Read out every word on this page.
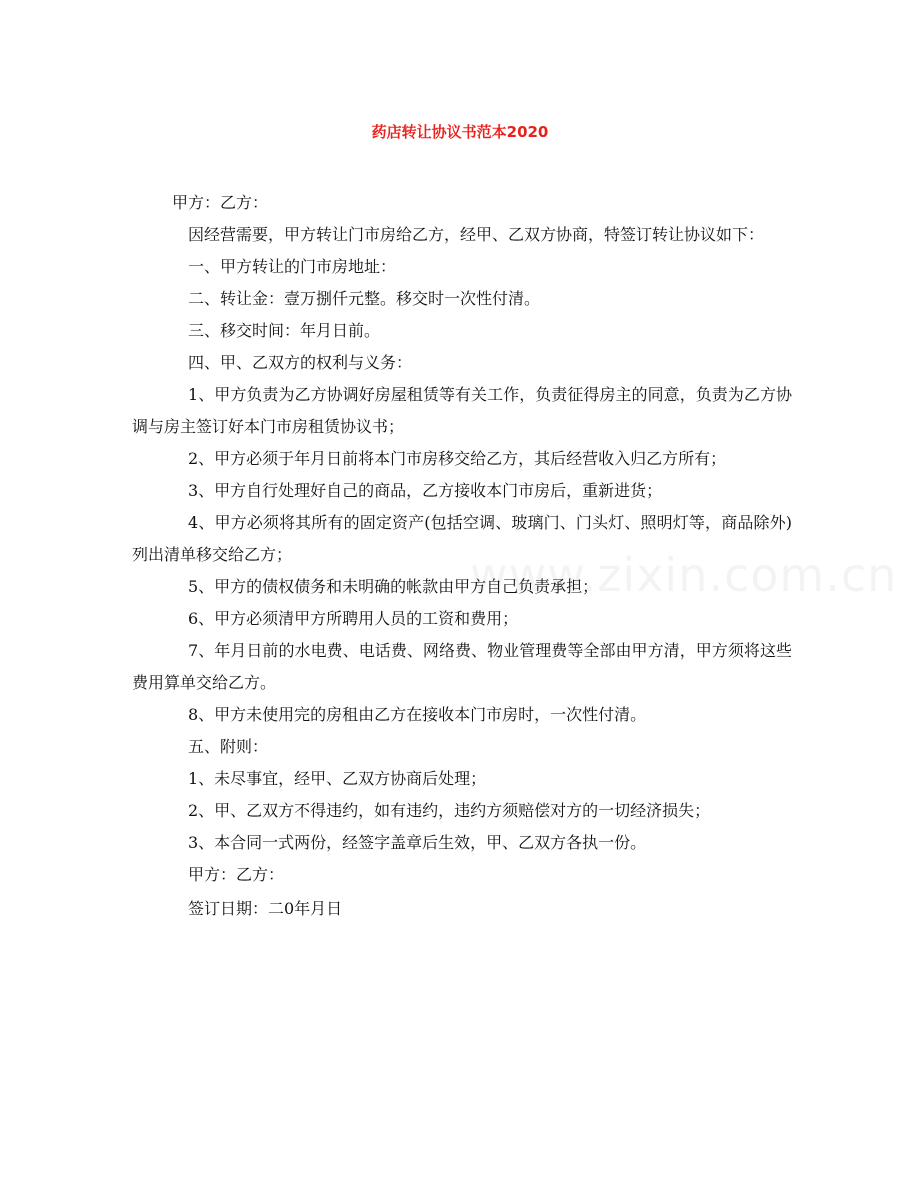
药店转让协议书范本2020

甲方：乙方：

因经营需要，甲方转让门市房给乙方，经甲、乙双方协商，特签订转让协议如下：

一、甲方转让的门市房地址：

二、转让金：壹万捌仟元整。移交时一次性付清。

三、移交时间：年月日前。

四、甲、乙双方的权利与义务：

1、甲方负责为乙方协调好房屋租赁等有关工作，负责征得房主的同意，负责为乙方协调与房主签订好本门市房租赁协议书；

2、甲方必须于年月日前将本门市房移交给乙方，其后经营收入归乙方所有；

3、甲方自行处理好自己的商品，乙方接收本门市房后，重新进货；

4、甲方必须将其所有的固定资产(包括空调、玻璃门、门头灯、照明灯等，商品除外)列出清单移交给乙方；

5、甲方的债权债务和未明确的帐款由甲方自己负责承担；

6、甲方必须清甲方所聘用人员的工资和费用；

7、年月日前的水电费、电话费、网络费、物业管理费等全部由甲方清，甲方须将这些费用算单交给乙方。

8、甲方未使用完的房租由乙方在接收本门市房时，一次性付清。

五、附则：

1、未尽事宜，经甲、乙双方协商后处理；

2、甲、乙双方不得违约，如有违约，违约方须赔偿对方的一切经济损失；

3、本合同一式两份，经签字盖章后生效，甲、乙双方各执一份。

甲方：乙方：

签订日期：二0年月日
